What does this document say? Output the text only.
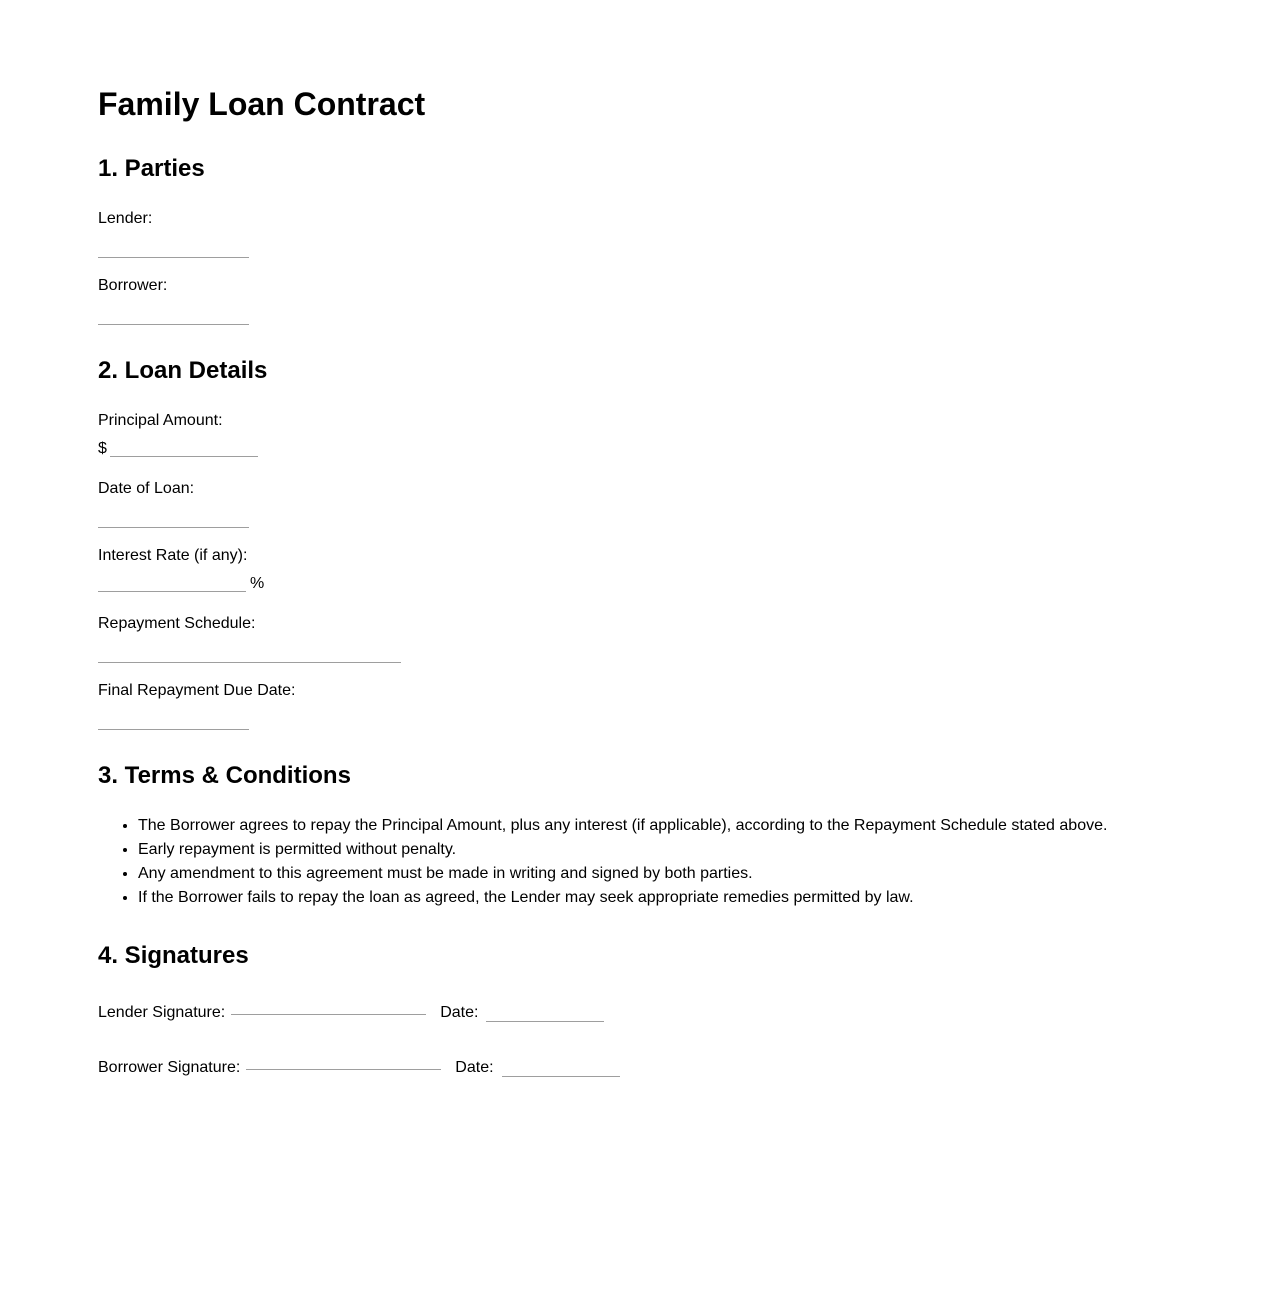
Family Loan Contract
1. Parties

Lender:

Borrower:

2. Loan Details

Principal Amount:

$

Date of Loan:

Interest Rate (if any):

%

Repayment Schedule:

Final Repayment Due Date:

3. Terms & Conditions
• The Borrower agrees to repay the Principal Amount, plus any interest (if applicable), according to the Repayment Schedule stated above.
• Early repayment is permitted without penalty.
• Any amendment to this agreement must be made in writing and signed by both parties.
• If the Borrower fails to repay the loan as agreed, the Lender may seek appropriate remedies permitted by law.
4. Signatures

Lender Signature:	Date:

Borrower Signature:	Date:
